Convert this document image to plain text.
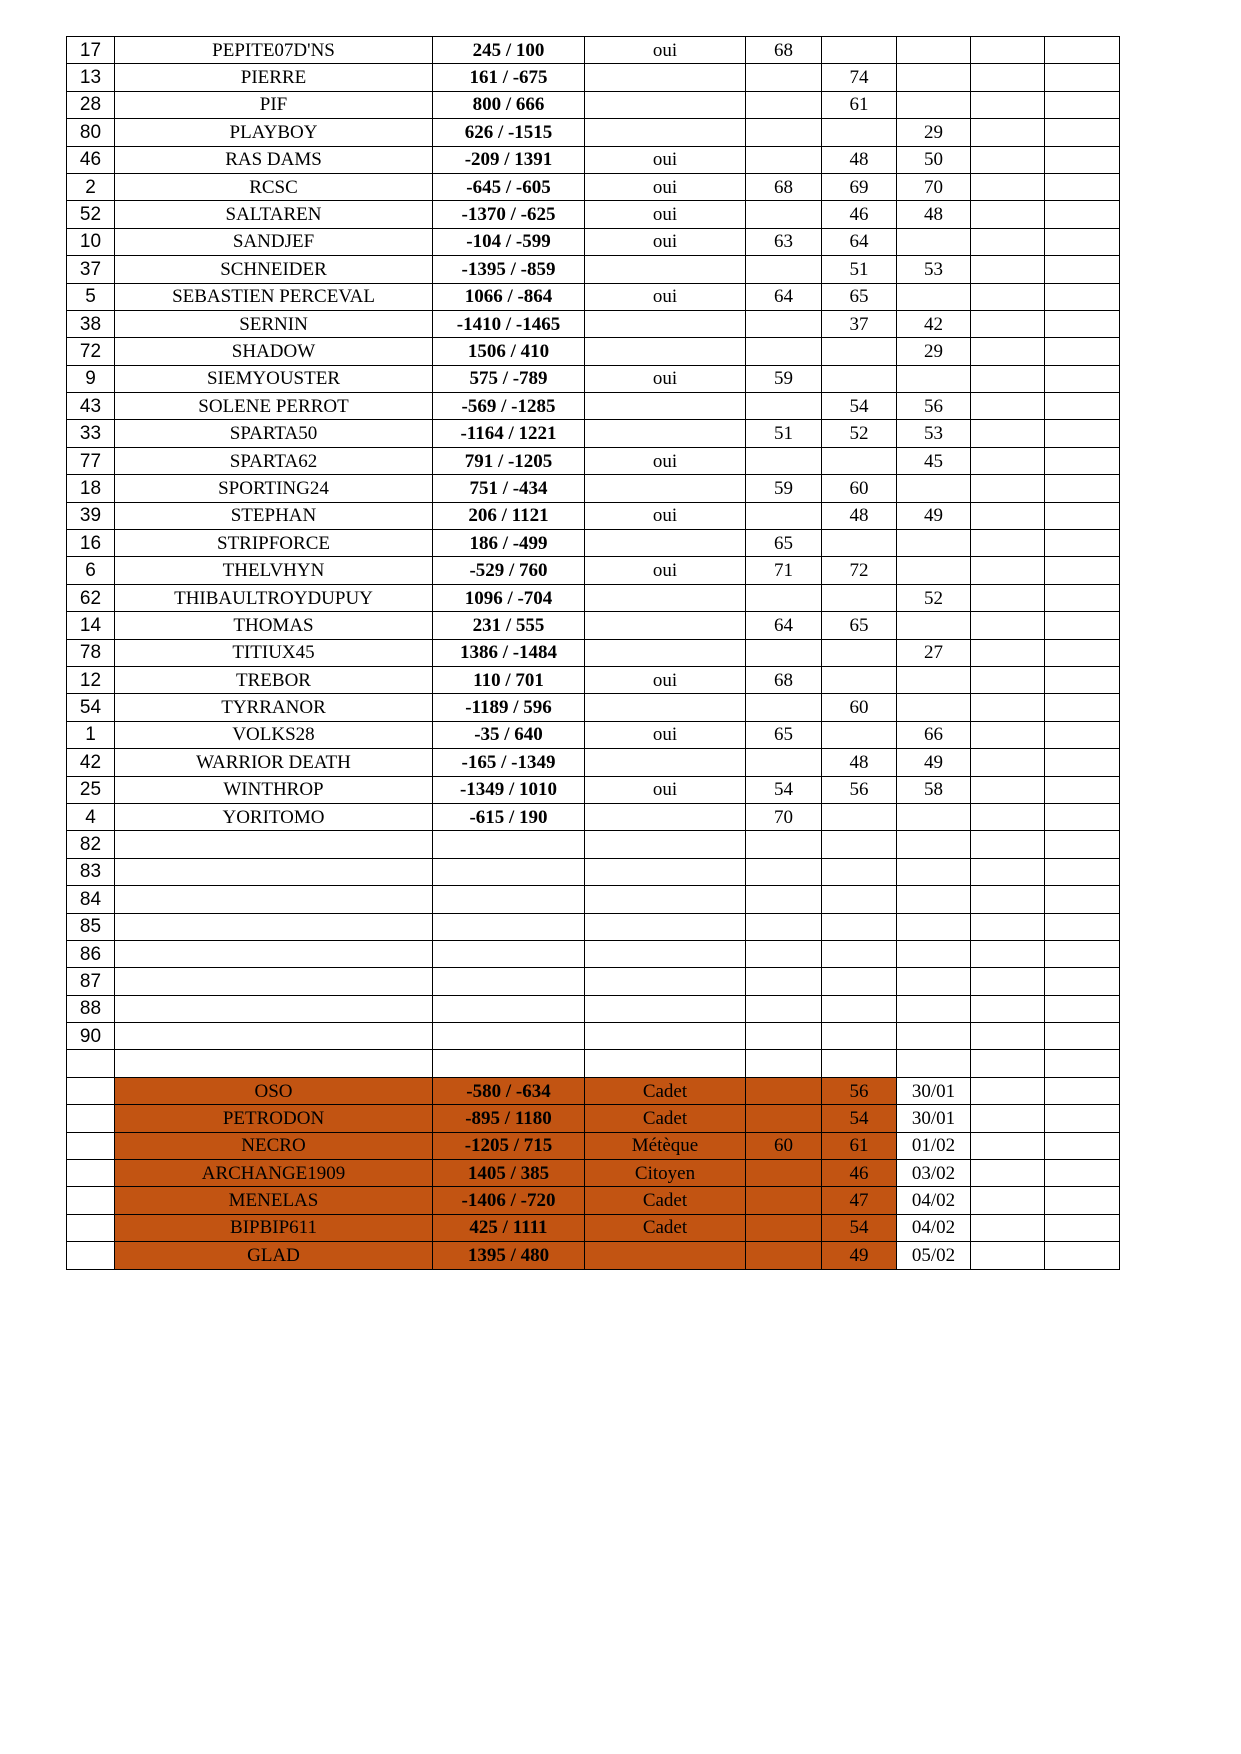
17	PEPITE07D'NS	245 / 100	oui	68				
13	PIERRE	161 / -675			74			
28	PIF	800 / 666			61			
80	PLAYBOY	626 / -1515				29		
46	RAS DAMS	-209 / 1391	oui		48	50		
2	RCSC	-645 / -605	oui	68	69	70		
52	SALTAREN	-1370 / -625	oui		46	48		
10	SANDJEF	-104 / -599	oui	63	64			
37	SCHNEIDER	-1395 / -859			51	53		
5	SEBASTIEN PERCEVAL	1066 / -864	oui	64	65			
38	SERNIN	-1410 / -1465			37	42		
72	SHADOW	1506 / 410				29		
9	SIEMYOUSTER	575 / -789	oui	59				
43	SOLENE PERROT	-569 / -1285			54	56		
33	SPARTA50	-1164 / 1221		51	52	53		
77	SPARTA62	791 / -1205	oui			45		
18	SPORTING24	751 / -434		59	60			
39	STEPHAN	206 / 1121	oui		48	49		
16	STRIPFORCE	186 / -499		65				
6	THELVHYN	-529 / 760	oui	71	72			
62	THIBAULTROYDUPUY	1096 / -704				52		
14	THOMAS	231 / 555		64	65			
78	TITIUX45	1386 / -1484				27		
12	TREBOR	110 / 701	oui	68				
54	TYRRANOR	-1189 / 596			60			
1	VOLKS28	-35 / 640	oui	65		66		
42	WARRIOR DEATH	-165 / -1349			48	49		
25	WINTHROP	-1349 / 1010	oui	54	56	58		
4	YORITOMO	-615 / 190		70				
82								
83								
84								
85								
86								
87								
88								
90								

	OSO	-580 / -634	Cadet		56	30/01		
	PETRODON	-895 / 1180	Cadet		54	30/01		
	NECRO	-1205 / 715	Métèque	60	61	01/02		
	ARCHANGE1909	1405 / 385	Citoyen		46	03/02		
	MENELAS	-1406 / -720	Cadet		47	04/02		
	BIPBIP611	425 / 1111	Cadet		54	04/02		
	GLAD	1395 / 480			49	05/02		
